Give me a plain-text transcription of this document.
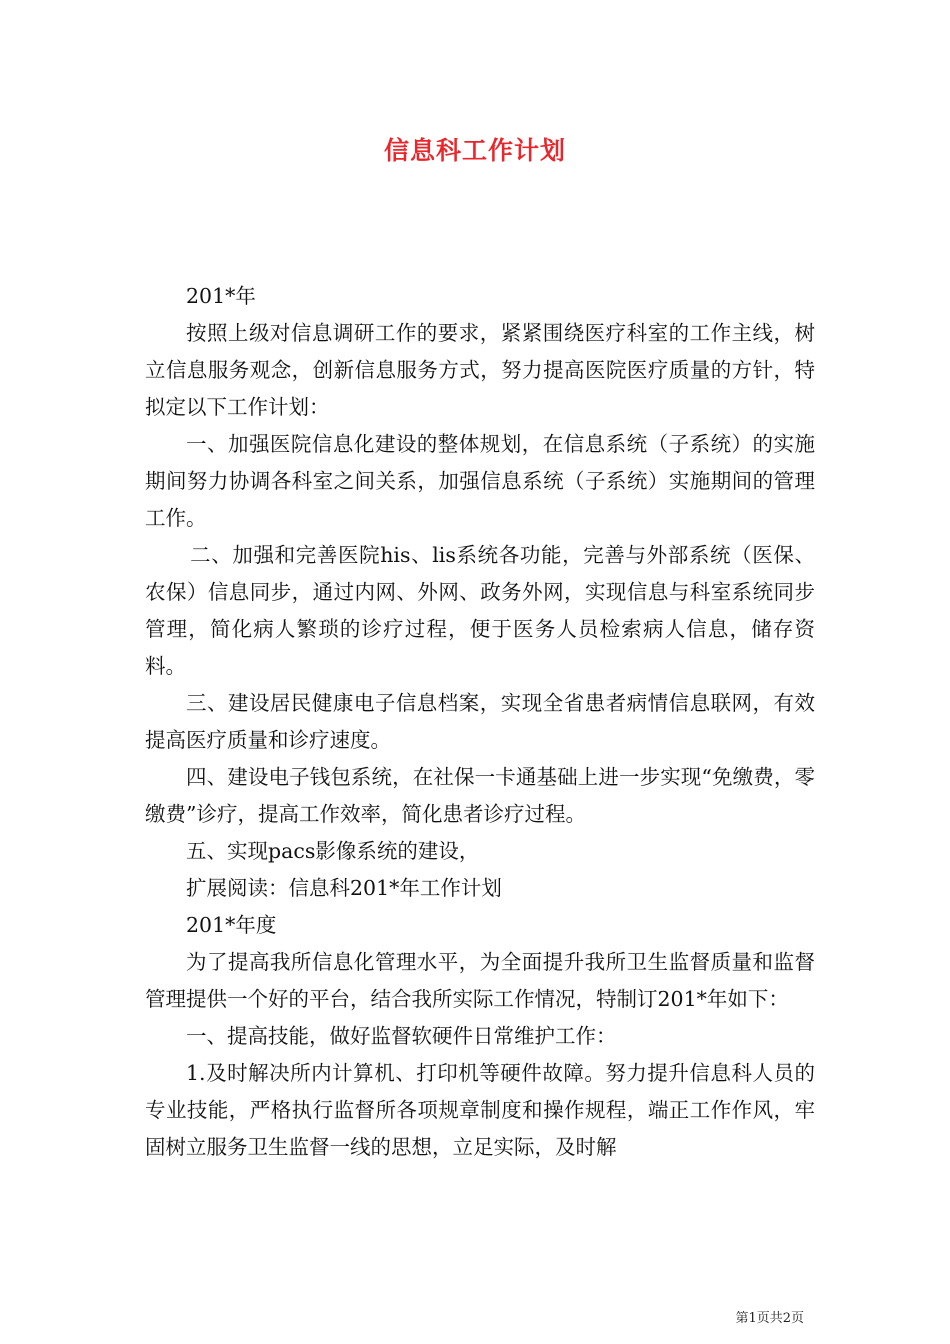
信息科工作计划

201*年

按照上级对信息调研工作的要求，紧紧围绕医疗科室的工作主线，树立信息服务观念，创新信息服务方式，努力提高医院医疗质量的方针，特拟定以下工作计划：

一、加强医院信息化建设的整体规划，在信息系统（子系统）的实施期间努力协调各科室之间关系，加强信息系统（子系统）实施期间的管理工作。

二、加强和完善医院his、lis系统各功能，完善与外部系统（医保、农保）信息同步，通过内网、外网、政务外网，实现信息与科室系统同步管理，简化病人繁琐的诊疗过程，便于医务人员检索病人信息，储存资料。

三、建设居民健康电子信息档案，实现全省患者病情信息联网，有效提高医疗质量和诊疗速度。

四、建设电子钱包系统，在社保一卡通基础上进一步实现“免缴费，零缴费”诊疗，提高工作效率，简化患者诊疗过程。

五、实现pacs影像系统的建设，

扩展阅读：信息科201*年工作计划

201*年度

为了提高我所信息化管理水平，为全面提升我所卫生监督质量和监督管理提供一个好的平台，结合我所实际工作情况，特制订201*年如下：

一、提高技能，做好监督软硬件日常维护工作：

1.及时解决所内计算机、打印机等硬件故障。努力提升信息科人员的专业技能，严格执行监督所各项规章制度和操作规程，端正工作作风，牢固树立服务卫生监督一线的思想，立足实际，及时解

第1页共2页
